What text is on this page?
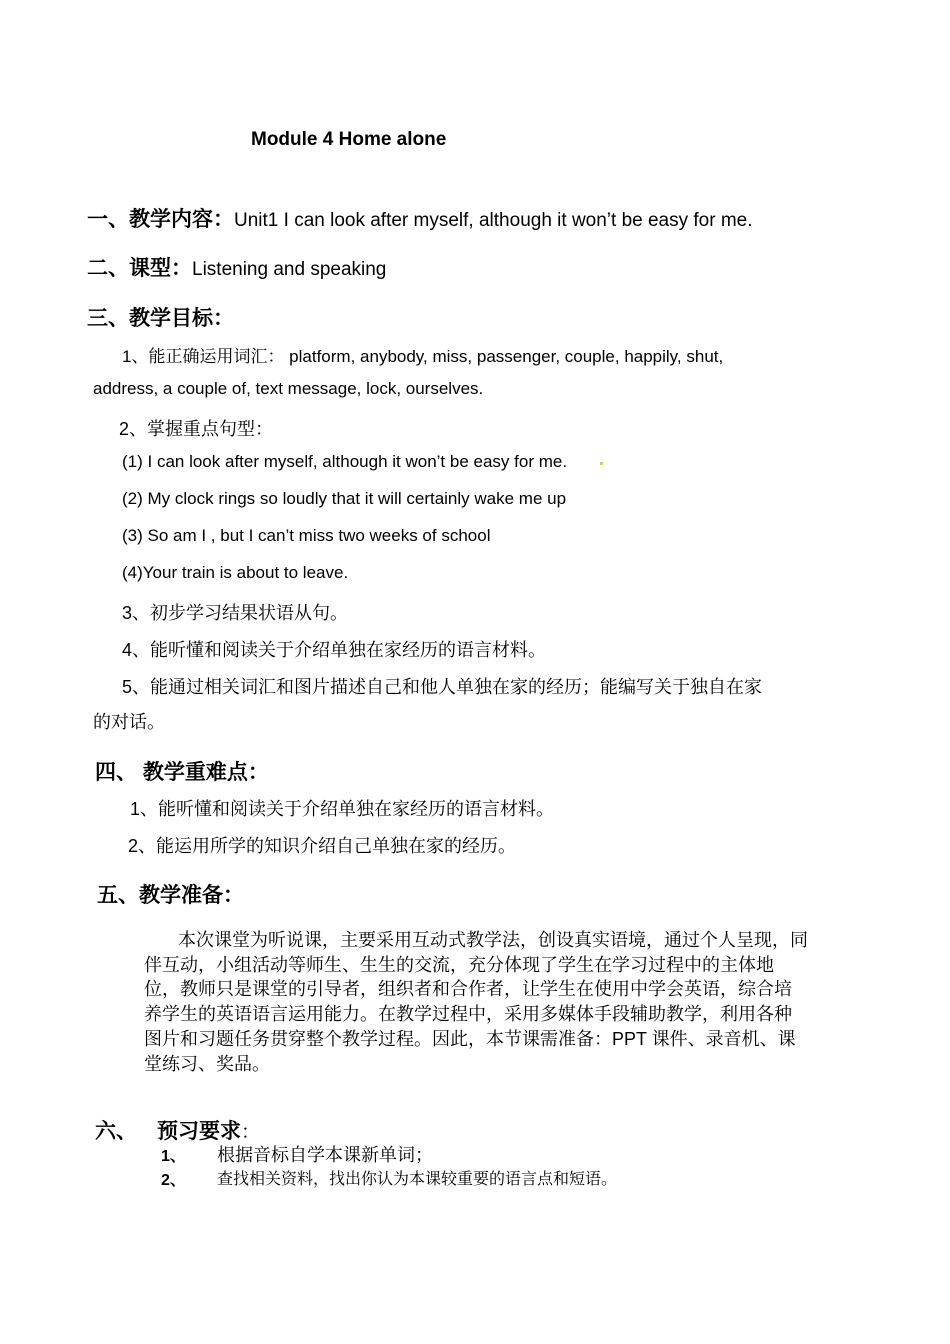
Module 4 Home alone
一、教学内容：Unit1 I can look after myself, although it won’t be easy for me.
二、课型：Listening and speaking
三、教学目标：
1、能正确运用词汇： platform, anybody, miss, passenger, couple, happily, shut,
address, a couple of, text message, lock, ourselves.
2、掌握重点句型：
(1) I can look after myself, although it won’t be easy for me.
(2) My clock rings so loudly that it will certainly wake me up
(3) So am I , but I can’t miss two weeks of school
(4)Your train is about to leave.
3、初步学习结果状语从句。
4、能听懂和阅读关于介绍单独在家经历的语言材料。
5、能通过相关词汇和图片描述自己和他人单独在家的经历；能编写关于独自在家
的对话。
四、 教学重难点：
1、能听懂和阅读关于介绍单独在家经历的语言材料。
2、能运用所学的知识介绍自己单独在家的经历。
五、教学准备：
本次课堂为听说课，主要采用互动式教学法，创设真实语境，通过个人呈现，同伴互动，小组活动等师生、生生的交流，充分体现了学生在学习过程中的主体地位，教师只是课堂的引导者，组织者和合作者，让学生在使用中学会英语，综合培养学生的英语语言运用能力。在教学过程中，采用多媒体手段辅助教学，利用各种图片和习题任务贯穿整个教学过程。因此，本节课需准备：PPT 课件、录音机、课堂练习、奖品。
六、 预习要求：
1、 根据音标自学本课新单词；
2、 查找相关资料，找出你认为本课较重要的语言点和短语。
